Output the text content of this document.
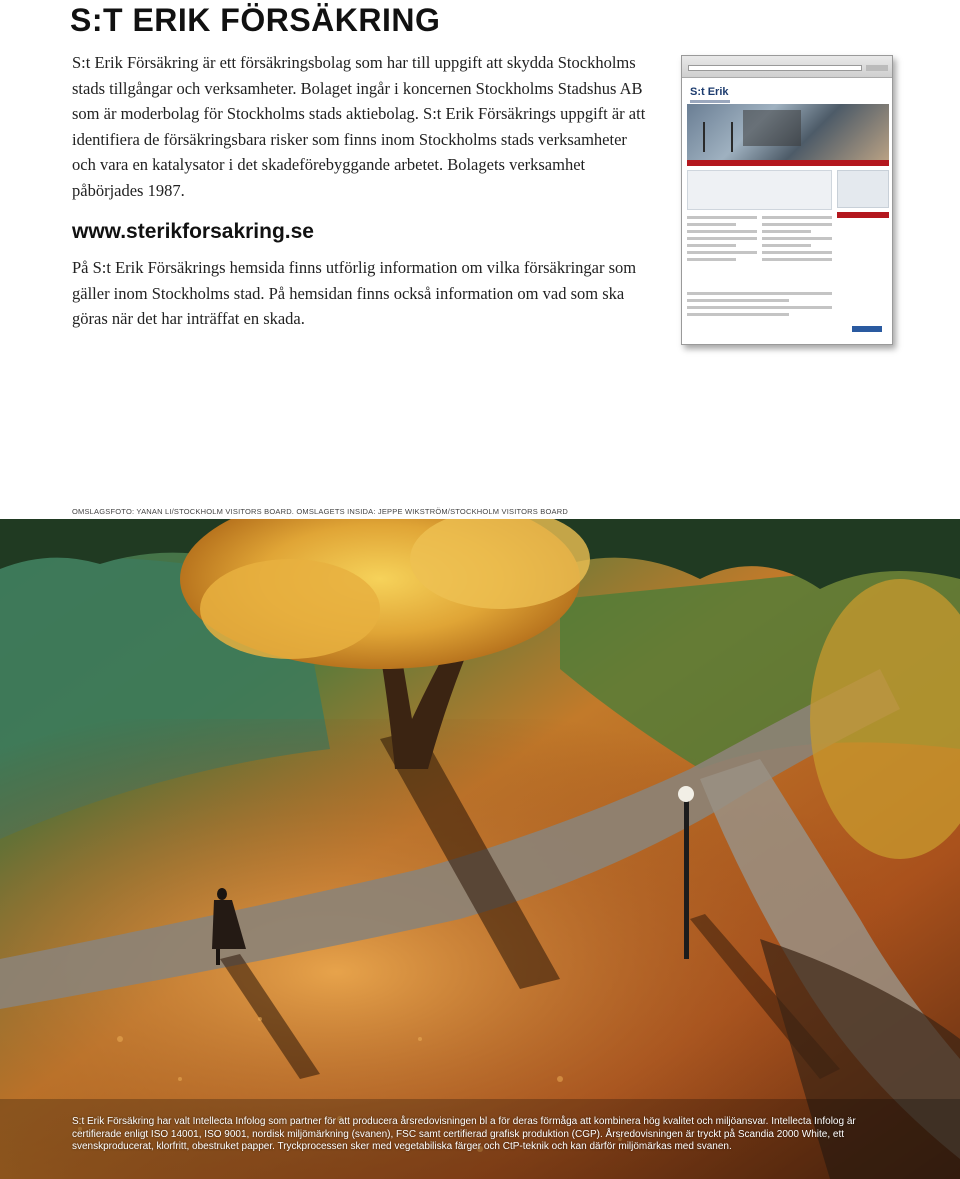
S:T ERIK FÖRSÄKRING

S:t Erik Försäkring är ett försäkringsbolag som har till uppgift att skydda Stockholms stads tillgångar och verksamheter. Bolaget ingår i koncernen Stockholms Stadshus AB som är moderbolag för Stockholms stads aktiebolag. S:t Erik Försäkrings uppgift är att identifiera de försäkringsbara risker som finns inom Stockholms stads verksamheter och vara en katalysator i det skadeförebyggande arbetet. Bolagets verksamhet påbörjades 1987.

www.sterikforsakring.se

På S:t Erik Försäkrings hemsida finns utförlig information om vilka försäkringar som gäller inom Stockholms stad. På hemsidan finns också information om vad som ska göras när det har inträffat en skada.

S:t Erik

OMSLAGSFOTO: YANAN LI/STOCKHOLM VISITORS BOARD. OMSLAGETS INSIDA: JEPPE WIKSTRÖM/STOCKHOLM VISITORS BOARD

S:t Erik Försäkring har valt Intellecta Infolog som partner för att producera årsredovisningen bl a för deras förmåga att kombinera hög kvalitet och miljöansvar. Intellecta Infolog är certifierade enligt ISO 14001, ISO 9001, nordisk miljömärkning (svanen), FSC samt certifierad grafisk produktion (CGP). Årsredovisningen är tryckt på Scandia 2000 White, ett svenskproducerat, klorfritt, obestruket papper. Tryckprocessen sker med vegetabiliska färger och CtP-teknik och kan därför miljömärkas med svanen.
